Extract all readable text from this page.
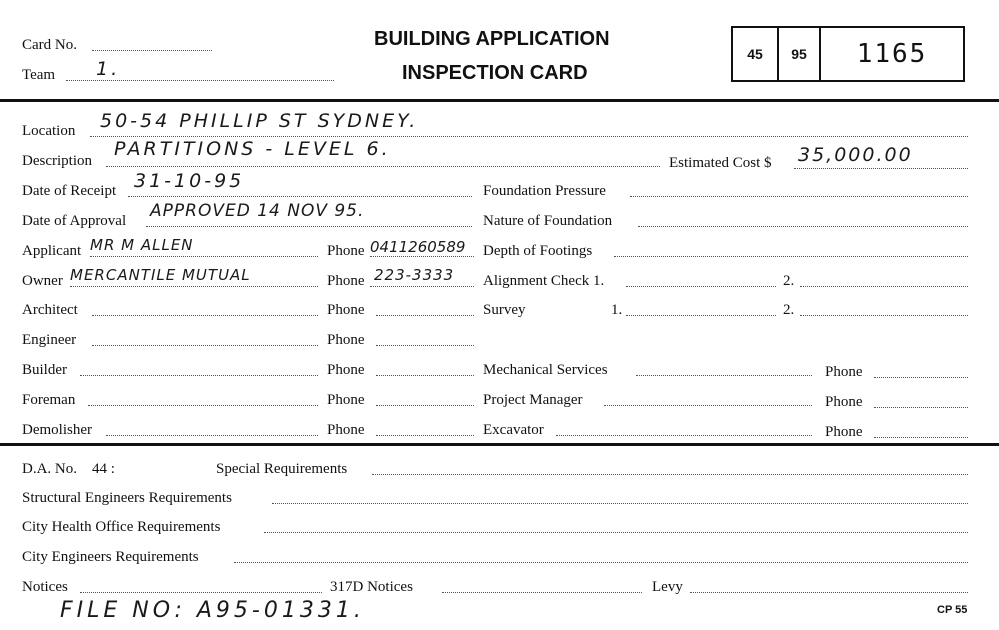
Card No.
Team 1.
BUILDING APPLICATION
INSPECTION CARD
45	95	1165
Location 50-54 PHILLIP ST SYDNEY.
Description
PARTITIONS - LEVEL 6.
Estimated Cost $ 35,000.00
Date of Receipt 31-10-95	Foundation Pressure
Date of Approval APPROVED 14 NOV 95.	Nature of Foundation
Applicant MR M ALLEN	Phone 0411260589 Depth of Footings
Owner MERCANTILE MUTUAL	Phone 223-3333 Alignment Check 1.	2.
Architect	Phone	Survey	1.	2.
Engineer	Phone
Builder	Phone	Mechanical Services	Phone
Foreman	Phone	Project Manager	Phone
Demolisher	Phone	Excavator	Phone
D.A. No. 44 :	Special Requirements
Structural Engineers Requirements
City Health Office Requirements
City Engineers Requirements
Notices	317D Notices	Levy
FILE NO: A95-01331.	CP 55
